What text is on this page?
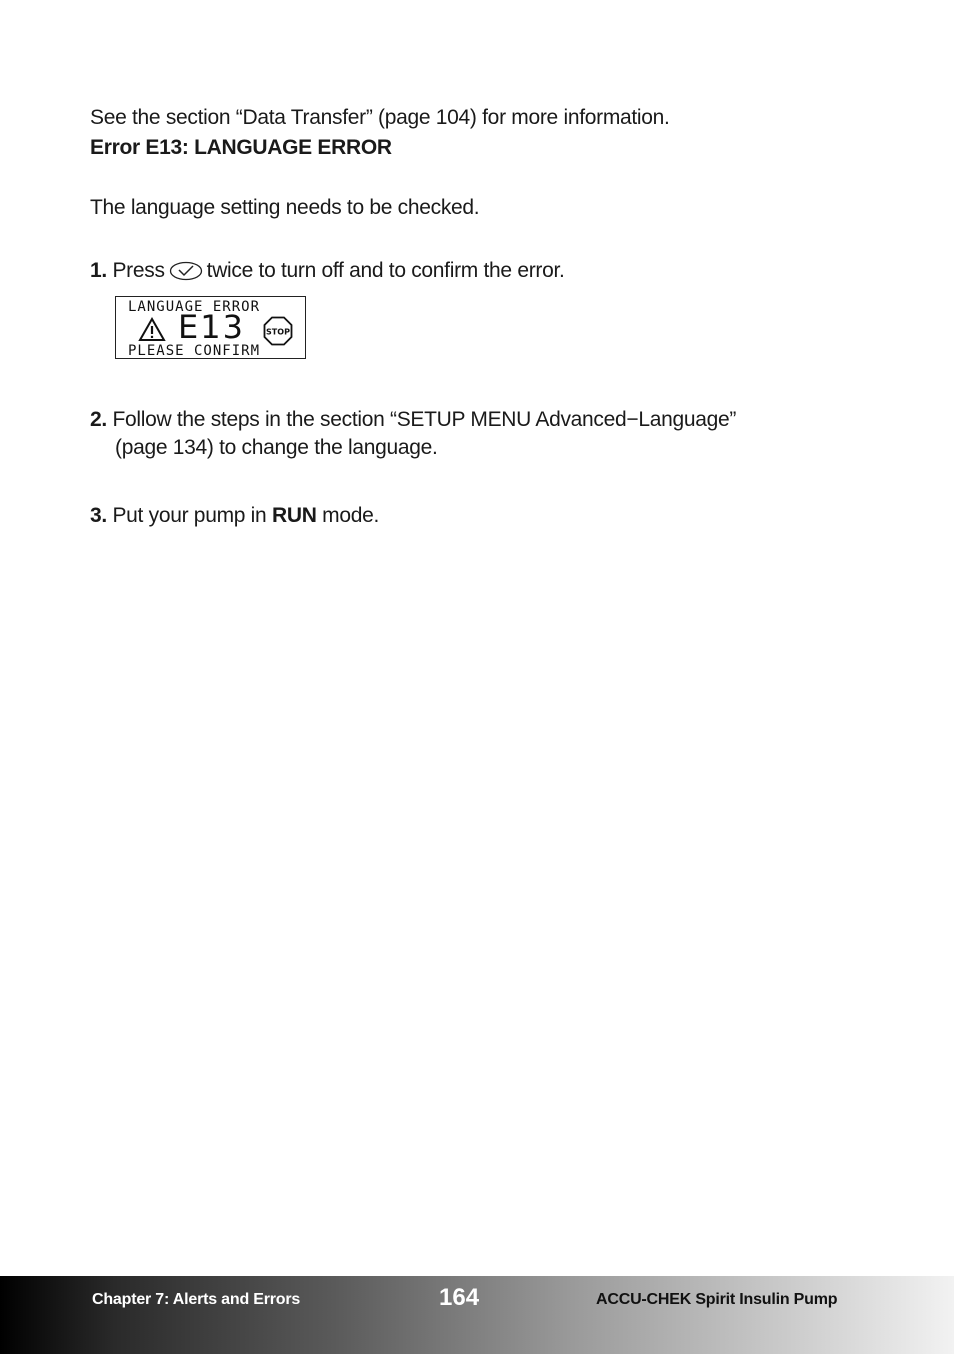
See the section “Data Transfer” (page 104) for more information.

Error E13: LANGUAGE ERROR

The language setting needs to be checked.

1. Press twice to turn off and to confirm the error.

LANGUAGE ERROR
E13	STOP
PLEASE CONFIRM

2. Follow the steps in the section “SETUP MENU Advanced−Language”

(page 134) to change the language.

3. Put your pump in RUN mode.

Chapter 7: Alerts and Errors	164	ACCU-CHEK Spirit Insulin Pump
